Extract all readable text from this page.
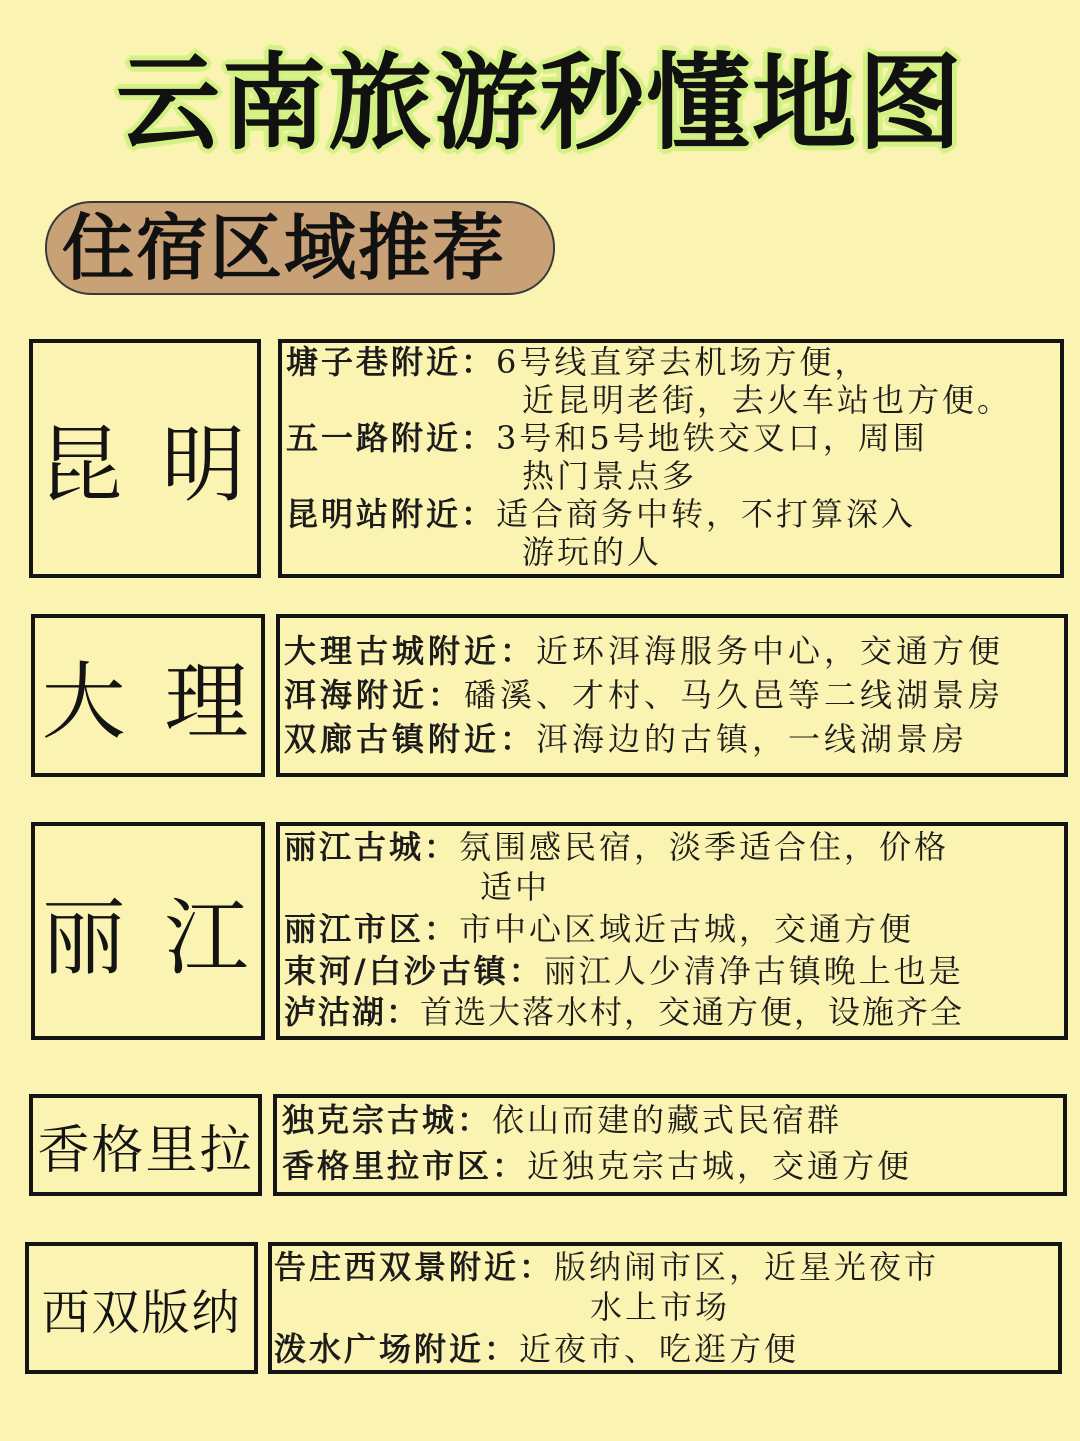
云南旅游秒懂地图
住宿区域推荐
昆 明
塘子巷附近：6号线直穿去机场方便，
近昆明老街，去火车站也方便。
五一路附近：3号和5号地铁交叉口，周围
热门景点多
昆明站附近：适合商务中转，不打算深入
游玩的人
大 理
大理古城附近：近环洱海服务中心，交通方便
洱海附近：磻溪、才村、马久邑等二线湖景房
双廊古镇附近：洱海边的古镇，一线湖景房
丽 江
丽江古城：氛围感民宿，淡季适合住，价格
适中
丽江市区：市中心区域近古城，交通方便
束河/白沙古镇：丽江人少清净古镇晚上也是
泸沽湖：首选大落水村，交通方便，设施齐全
香格里拉
独克宗古城：依山而建的藏式民宿群
香格里拉市区：近独克宗古城，交通方便
西双版纳
告庄西双景附近：版纳闹市区，近星光夜市
水上市场
泼水广场附近：近夜市、吃逛方便
